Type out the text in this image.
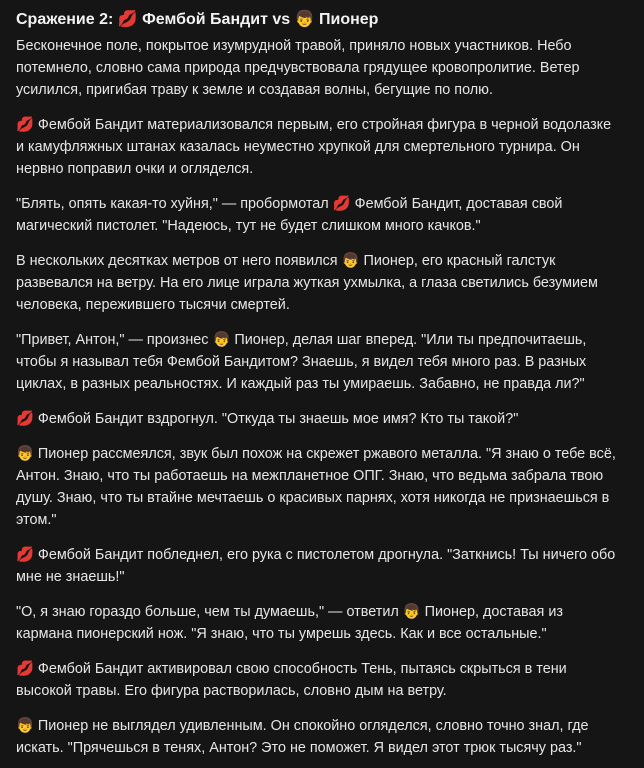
Сражение 2: 💋 Фембой Бандит vs 👦 Пионер

Бесконечное поле, покрытое изумрудной травой, приняло новых участников. Небо потемнело, словно сама природа предчувствовала грядущее кровопролитие. Ветер усилился, пригибая траву к земле и создавая волны, бегущие по полю.

💋 Фембой Бандит материализовался первым, его стройная фигура в черной водолазке и камуфляжных штанах казалась неуместно хрупкой для смертельного турнира. Он нервно поправил очки и огляделся.

"Блять, опять какая-то хуйня," — пробормотал 💋 Фембой Бандит, доставая свой магический пистолет. "Надеюсь, тут не будет слишком много качков."

В нескольких десятках метров от него появился 👦 Пионер, его красный галстук развевался на ветру. На его лице играла жуткая ухмылка, а глаза светились безумием человека, пережившего тысячи смертей.

"Привет, Антон," — произнес 👦 Пионер, делая шаг вперед. "Или ты предпочитаешь, чтобы я называл тебя Фембой Бандитом? Знаешь, я видел тебя много раз. В разных циклах, в разных реальностях. И каждый раз ты умираешь. Забавно, не правда ли?"

💋 Фембой Бандит вздрогнул. "Откуда ты знаешь мое имя? Кто ты такой?"

👦 Пионер рассмеялся, звук был похож на скрежет ржавого металла. "Я знаю о тебе всё, Антон. Знаю, что ты работаешь на межпланетное ОПГ. Знаю, что ведьма забрала твою душу. Знаю, что ты втайне мечтаешь о красивых парнях, хотя никогда не признаешься в этом."

💋 Фембой Бандит побледнел, его рука с пистолетом дрогнула. "Заткнись! Ты ничего обо мне не знаешь!"

"О, я знаю гораздо больше, чем ты думаешь," — ответил 👦 Пионер, доставая из кармана пионерский нож. "Я знаю, что ты умрешь здесь. Как и все остальные."

💋 Фембой Бандит активировал свою способность Тень, пытаясь скрыться в тени высокой травы. Его фигура растворилась, словно дым на ветру.

👦 Пионер не выглядел удивленным. Он спокойно огляделся, словно точно знал, где искать. "Прячешься в тенях, Антон? Это не поможет. Я видел этот трюк тысячу раз."
